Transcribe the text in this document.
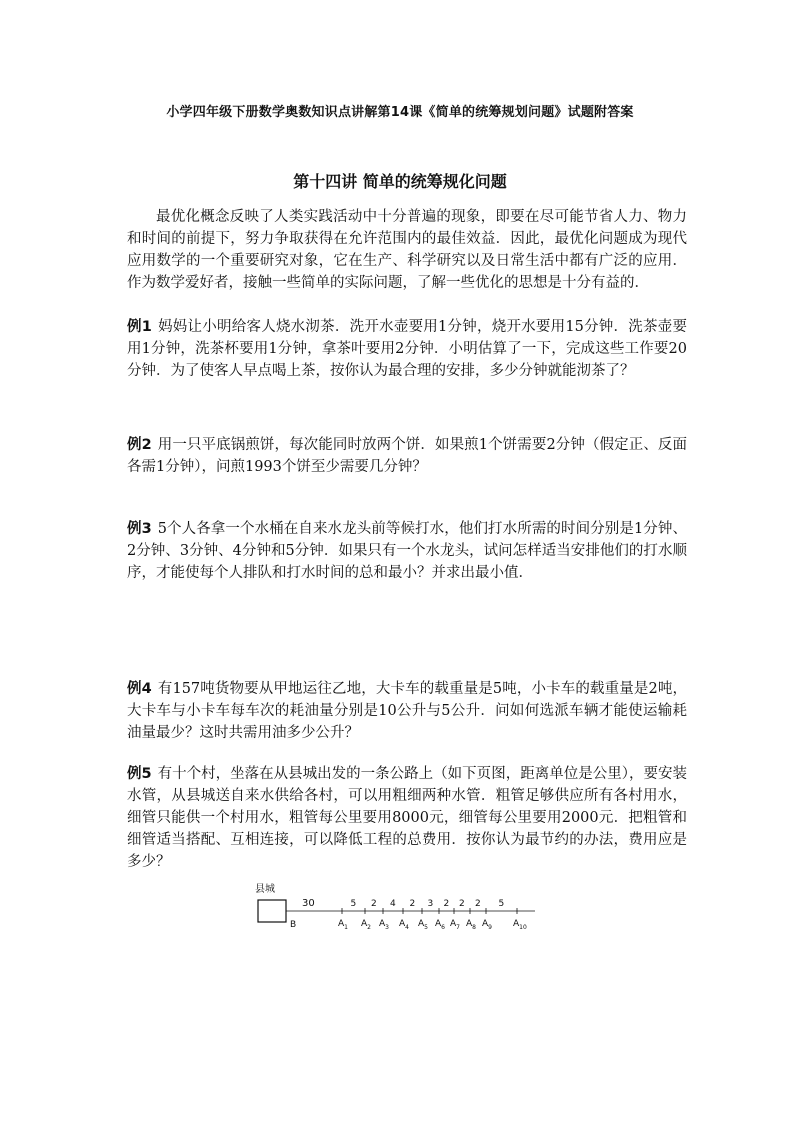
小学四年级下册数学奥数知识点讲解第14课《简单的统筹规划问题》试题附答案
第十四讲 简单的统筹规化问题

最优化概念反映了人类实践活动中十分普遍的现象，即要在尽可能节省人力、物力和时间的前提下，努力争取获得在允许范围内的最佳效益．因此，最优化问题成为现代应用数学的一个重要研究对象，它在生产、科学研究以及日常生活中都有广泛的应用．作为数学爱好者，接触一些简单的实际问题，了解一些优化的思想是十分有益的．

例1 妈妈让小明给客人烧水沏茶．洗开水壶要用1分钟，烧开水要用15分钟．洗茶壶要用1分钟，洗茶杯要用1分钟，拿茶叶要用2分钟．小明估算了一下，完成这些工作要20分钟．为了使客人早点喝上茶，按你认为最合理的安排，多少分钟就能沏茶了？

例2 用一只平底锅煎饼，每次能同时放两个饼．如果煎1个饼需要2分钟（假定正、反面各需1分钟），问煎1993个饼至少需要几分钟？

例3 5个人各拿一个水桶在自来水龙头前等候打水，他们打水所需的时间分别是1分钟、2分钟、3分钟、4分钟和5分钟．如果只有一个水龙头，试问怎样适当安排他们的打水顺序，才能使每个人排队和打水时间的总和最小？并求出最小值．

例4 有157吨货物要从甲地运往乙地，大卡车的载重量是5吨，小卡车的载重量是2吨，大卡车与小卡车每车次的耗油量分别是10公升与5公升．问如何选派车辆才能使运输耗油量最少？这时共需用油多少公升？

例5 有十个村，坐落在从县城出发的一条公路上（如下页图，距离单位是公里），要安装水管，从县城送自来水供给各村，可以用粗细两种水管．粗管足够供应所有各村用水，细管只能供一个村用水，粗管每公里要用8000元，细管每公里要用2000元．把粗管和细管适当搭配、互相连接，可以降低工程的总费用．按你认为最节约的办法，费用应是多少？

县城
B
30
$A_1$ $A_2$ $A_3$ $A_4$ $A_5$ $A_6$ $A_7$ $A_8$ $A_9$ $A_{10}$
5 2 4 2 3 2 2 2 5
